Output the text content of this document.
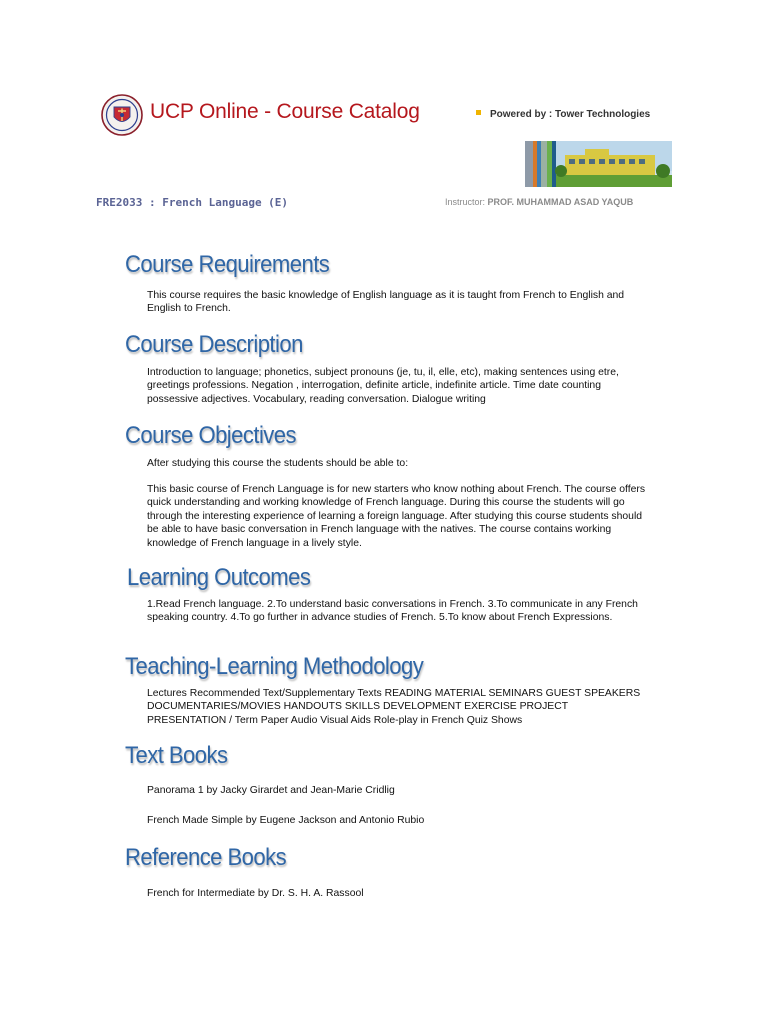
UCP Online - Course Catalog	Powered by : Tower Technologies
FRE2033 : French Language (E)	Instructor: PROF. MUHAMMAD ASAD YAQUB
Course Requirements

This course requires the basic knowledge of English language as it is taught from French to English and English to French.

Course Description

Introduction to language; phonetics, subject pronouns (je, tu, il, elle, etc), making sentences using etre, greetings professions. Negation , interrogation, definite article, indefinite article. Time date counting possessive adjectives. Vocabulary, reading conversation. Dialogue writing

Course Objectives

After studying this course the students should be able to:

This basic course of French Language is for new starters who know nothing about French. The course offers quick understanding and working knowledge of French language. During this course the students will go through the interesting experience of learning a foreign language. After studying this course students should be able to have basic conversation in French language with the natives. The course contains working knowledge of French language in a lively style.

Learning Outcomes

1.Read French language. 2.To understand basic conversations in French. 3.To communicate in any French speaking country. 4.To go further in advance studies of French. 5.To know about French Expressions.

Teaching-Learning Methodology

Lectures Recommended Text/Supplementary Texts READING MATERIAL SEMINARS GUEST SPEAKERS DOCUMENTARIES/MOVIES HANDOUTS SKILLS DEVELOPMENT EXERCISE PROJECT PRESENTATION / Term Paper Audio Visual Aids Role-play in French Quiz Shows

Text Books

Panorama 1 by Jacky Girardet and Jean-Marie Cridlig

French Made Simple by Eugene Jackson and Antonio Rubio

Reference Books

French for Intermediate by Dr. S. H. A. Rassool
